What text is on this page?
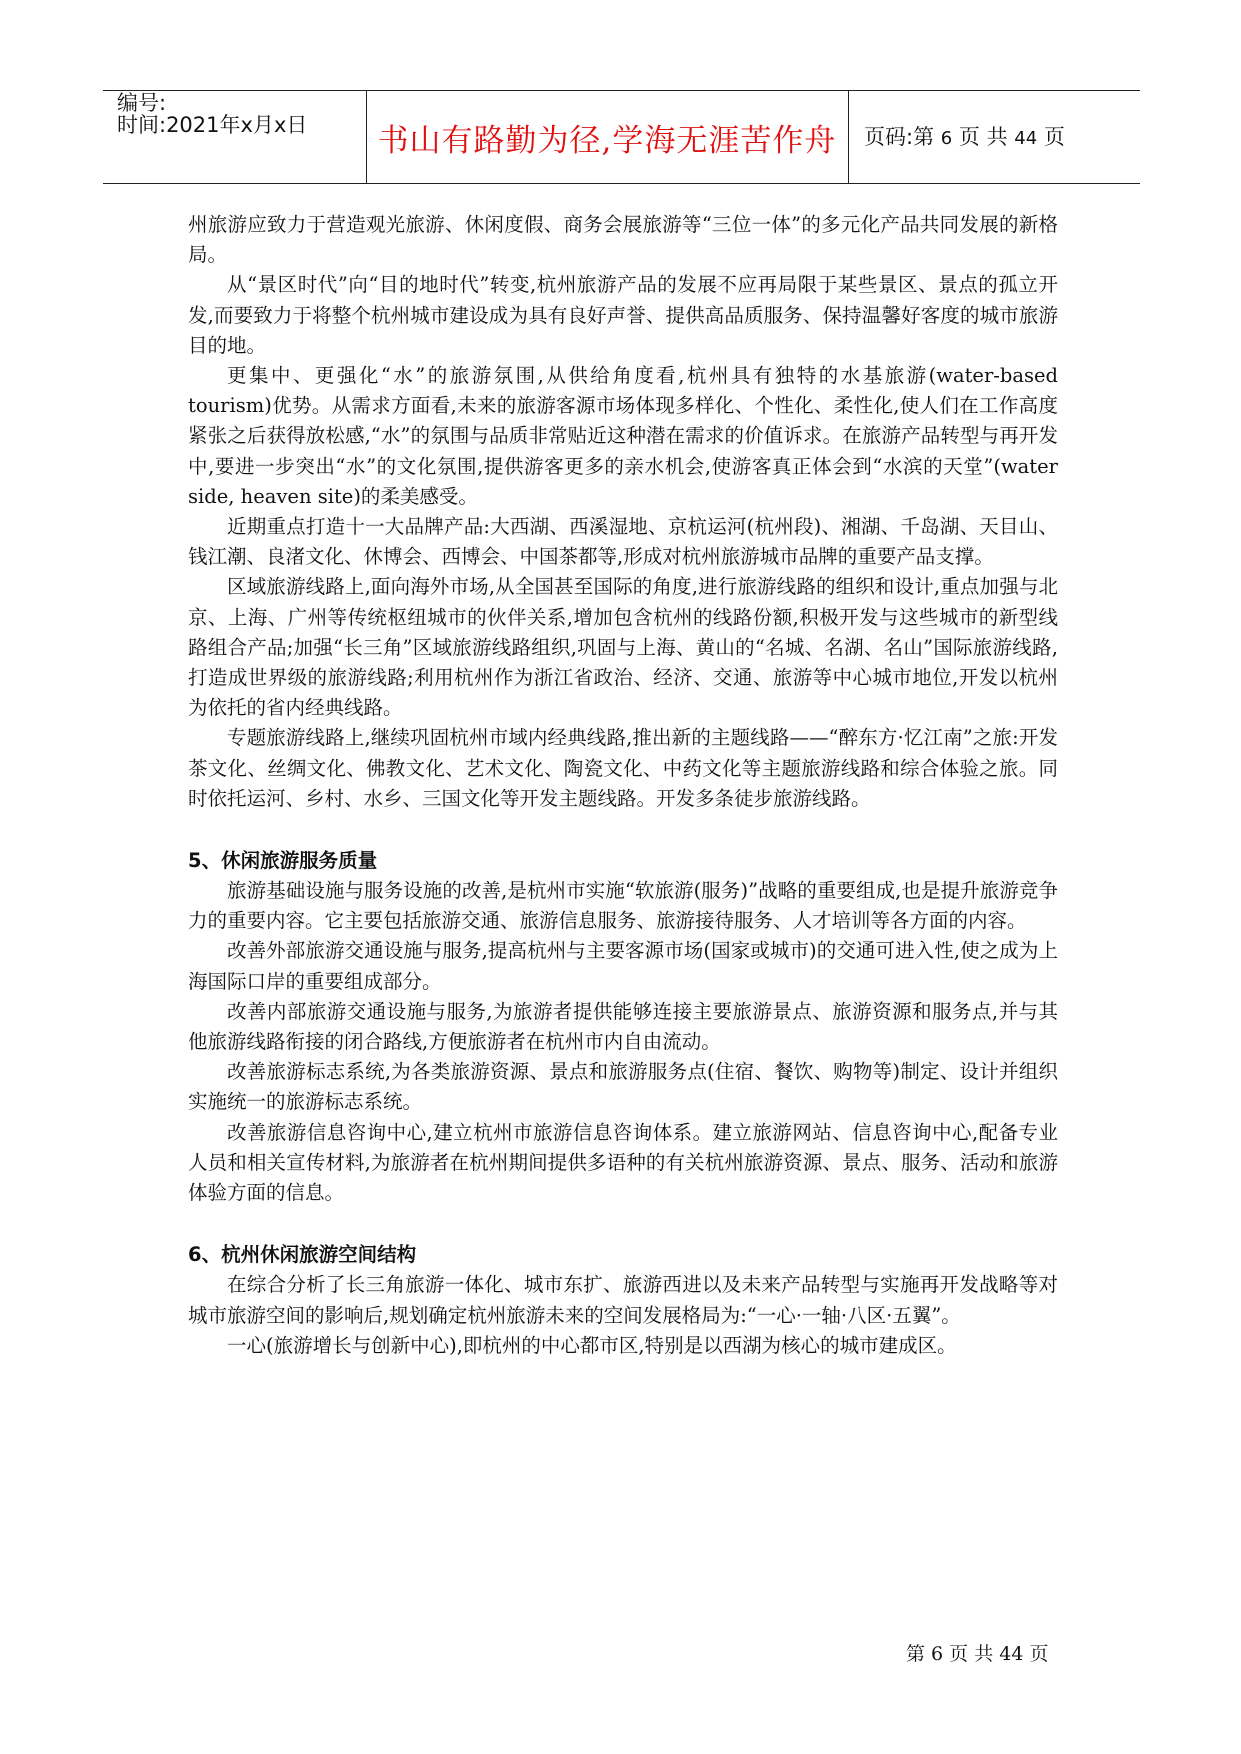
编号:
时间:2021年x月x日	书山有路勤为径,学海无涯苦作舟	页码:第 6 页 共 44 页

州旅游应致力于营造观光旅游、休闲度假、商务会展旅游等“三位一体”的多元化产品共同发展的新格局。

从“景区时代”向“目的地时代”转变,杭州旅游产品的发展不应再局限于某些景区、景点的孤立开发,而要致力于将整个杭州城市建设成为具有良好声誉、提供高品质服务、保持温馨好客度的城市旅游目的地。

更集中、更强化“水”的旅游氛围,从供给角度看,杭州具有独特的水基旅游(water-based tourism)优势。从需求方面看,未来的旅游客源市场体现多样化、个性化、柔性化,使人们在工作高度紧张之后获得放松感,“水”的氛围与品质非常贴近这种潜在需求的价值诉求。在旅游产品转型与再开发中,要进一步突出“水”的文化氛围,提供游客更多的亲水机会,使游客真正体会到“水滨的天堂”(water side, heaven site)的柔美感受。

近期重点打造十一大品牌产品:大西湖、西溪湿地、京杭运河(杭州段)、湘湖、千岛湖、天目山、钱江潮、良渚文化、休博会、西博会、中国茶都等,形成对杭州旅游城市品牌的重要产品支撑。

区域旅游线路上,面向海外市场,从全国甚至国际的角度,进行旅游线路的组织和设计,重点加强与北京、上海、广州等传统枢纽城市的伙伴关系,增加包含杭州的线路份额,积极开发与这些城市的新型线路组合产品;加强“长三角”区域旅游线路组织,巩固与上海、黄山的“名城、名湖、名山”国际旅游线路,打造成世界级的旅游线路;利用杭州作为浙江省政治、经济、交通、旅游等中心城市地位,开发以杭州为依托的省内经典线路。

专题旅游线路上,继续巩固杭州市域内经典线路,推出新的主题线路——“醉东方·忆江南”之旅:开发茶文化、丝绸文化、佛教文化、艺术文化、陶瓷文化、中药文化等主题旅游线路和综合体验之旅。同时依托运河、乡村、水乡、三国文化等开发主题线路。开发多条徒步旅游线路。

5、休闲旅游服务质量

旅游基础设施与服务设施的改善,是杭州市实施“软旅游(服务)”战略的重要组成,也是提升旅游竞争力的重要内容。它主要包括旅游交通、旅游信息服务、旅游接待服务、人才培训等各方面的内容。

改善外部旅游交通设施与服务,提高杭州与主要客源市场(国家或城市)的交通可进入性,使之成为上海国际口岸的重要组成部分。

改善内部旅游交通设施与服务,为旅游者提供能够连接主要旅游景点、旅游资源和服务点,并与其他旅游线路衔接的闭合路线,方便旅游者在杭州市内自由流动。

改善旅游标志系统,为各类旅游资源、景点和旅游服务点(住宿、餐饮、购物等)制定、设计并组织实施统一的旅游标志系统。

改善旅游信息咨询中心,建立杭州市旅游信息咨询体系。建立旅游网站、信息咨询中心,配备专业人员和相关宣传材料,为旅游者在杭州期间提供多语种的有关杭州旅游资源、景点、服务、活动和旅游体验方面的信息。

6、杭州休闲旅游空间结构

在综合分析了长三角旅游一体化、城市东扩、旅游西进以及未来产品转型与实施再开发战略等对城市旅游空间的影响后,规划确定杭州旅游未来的空间发展格局为:“一心·一轴·八区·五翼”。

一心(旅游增长与创新中心),即杭州的中心都市区,特别是以西湖为核心的城市建成区。

第 6 页 共 44 页
